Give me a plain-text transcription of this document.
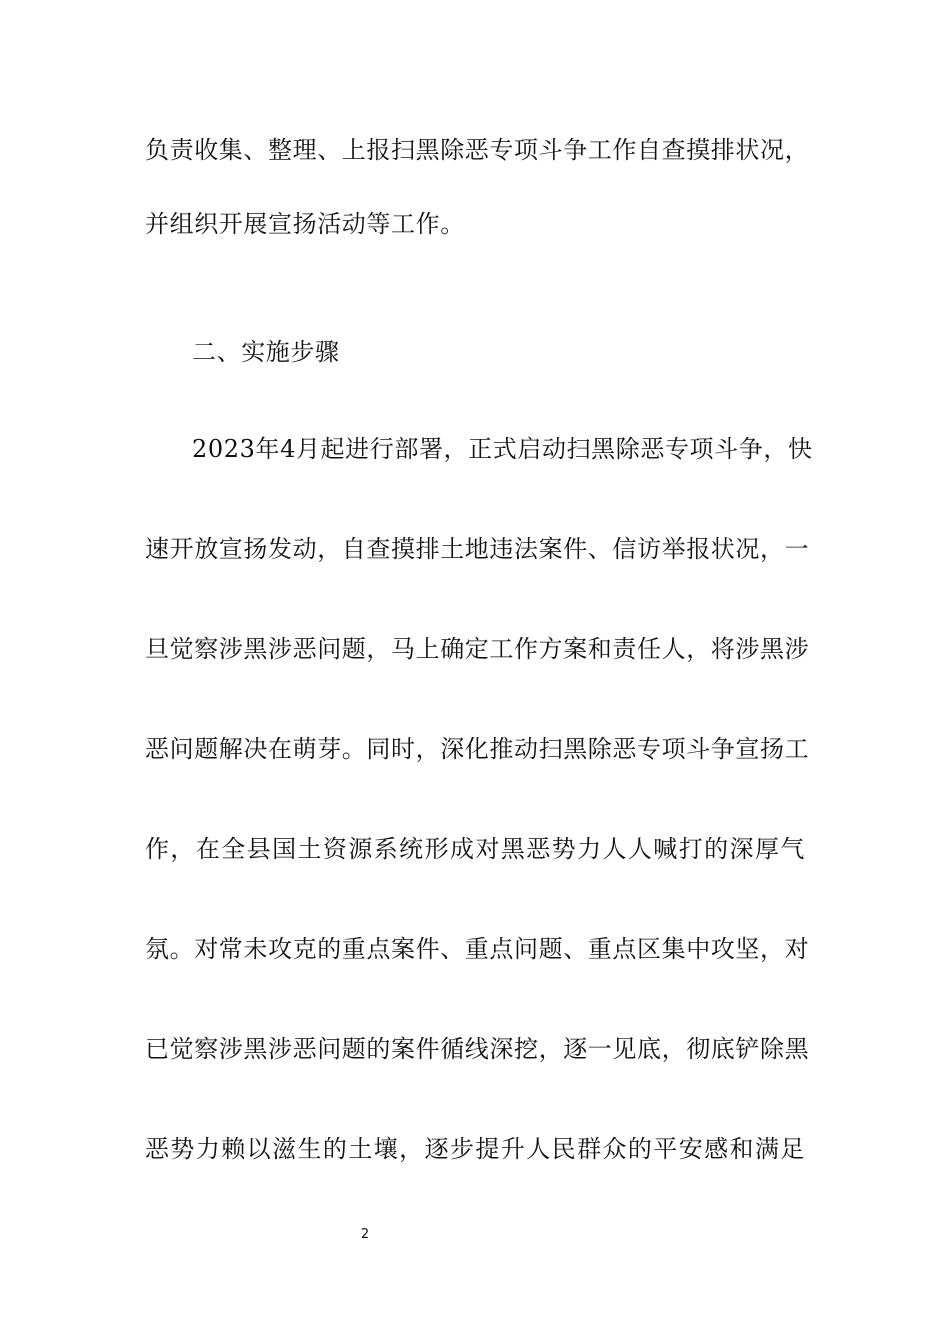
负责收集、整理、上报扫黑除恶专项斗争工作自查摸排状况，
并组织开展宣扬活动等工作。
二、实施步骤
2023年4月起进行部署，正式启动扫黑除恶专项斗争，快
速开放宣扬发动，自查摸排土地违法案件、信访举报状况，一
旦觉察涉黑涉恶问题，马上确定工作方案和责任人，将涉黑涉
恶问题解决在萌芽。同时，深化推动扫黑除恶专项斗争宣扬工
作，在全县国土资源系统形成对黑恶势力人人喊打的深厚气
氛。对常未攻克的重点案件、重点问题、重点区集中攻坚，对
已觉察涉黑涉恶问题的案件循线深挖，逐一见底，彻底铲除黑
恶势力赖以滋生的土壤，逐步提升人民群众的平安感和满足
2
